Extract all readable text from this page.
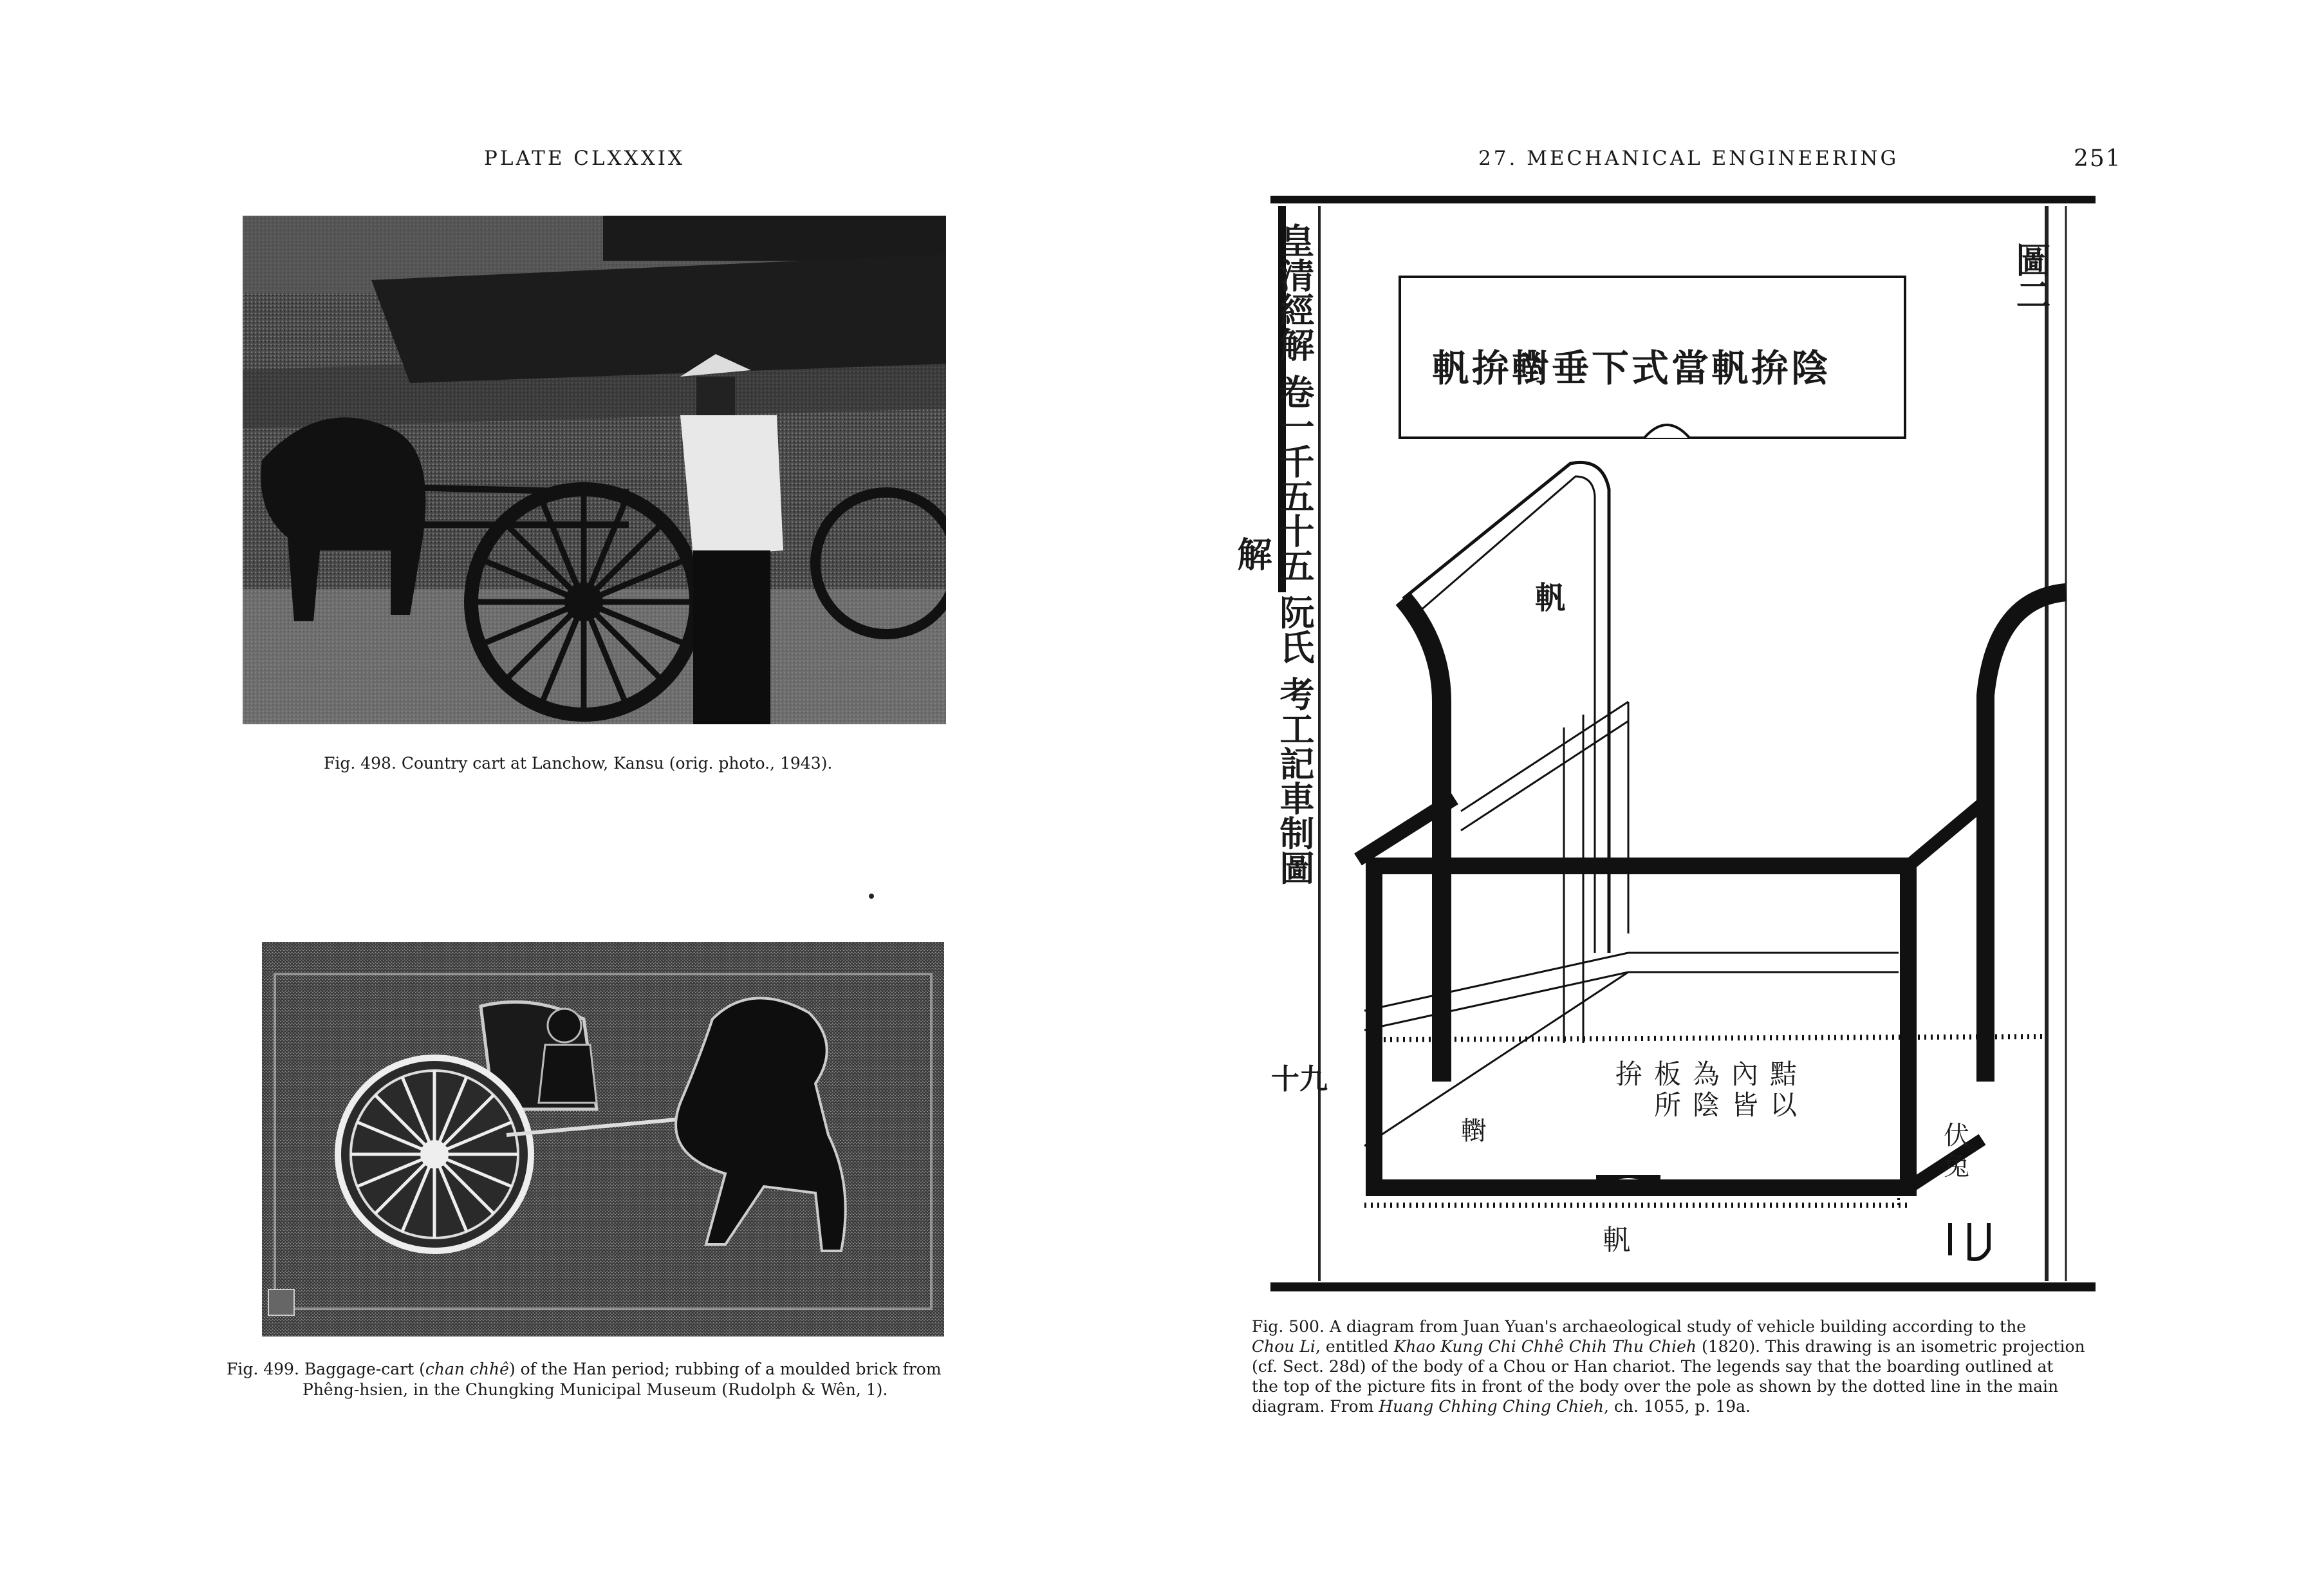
PLATE CLXXXIX
Fig. 498. Country cart at Lanchow, Kansu (orig. photo., 1943).
Fig. 499. Baggage-cart (chan chhê) of the Han period; rubbing of a moulded brick from
Phêng-hsien, in the Chungking Municipal Museum (Rudolph & Wên, 1).
27. MECHANICAL ENGINEERING	251
軓拚轛垂下式當軓拚陰
軓
拚 板所
為陰
內皆
黠以
轛
軓
伏兔
皇清經解 卷一千五十五 阮氏 考工記車制圖解
十九
圖二
Fig. 500. A diagram from Juan Yuan's archaeological study of vehicle building according to the
Chou Li, entitled Khao Kung Chi Chhê Chih Thu Chieh (1820). This drawing is an isometric projection
(cf. Sect. 28d) of the body of a Chou or Han chariot. The legends say that the boarding outlined at
the top of the picture fits in front of the body over the pole as shown by the dotted line in the main
diagram. From Huang Chhing Ching Chieh, ch. 1055, p. 19a.
